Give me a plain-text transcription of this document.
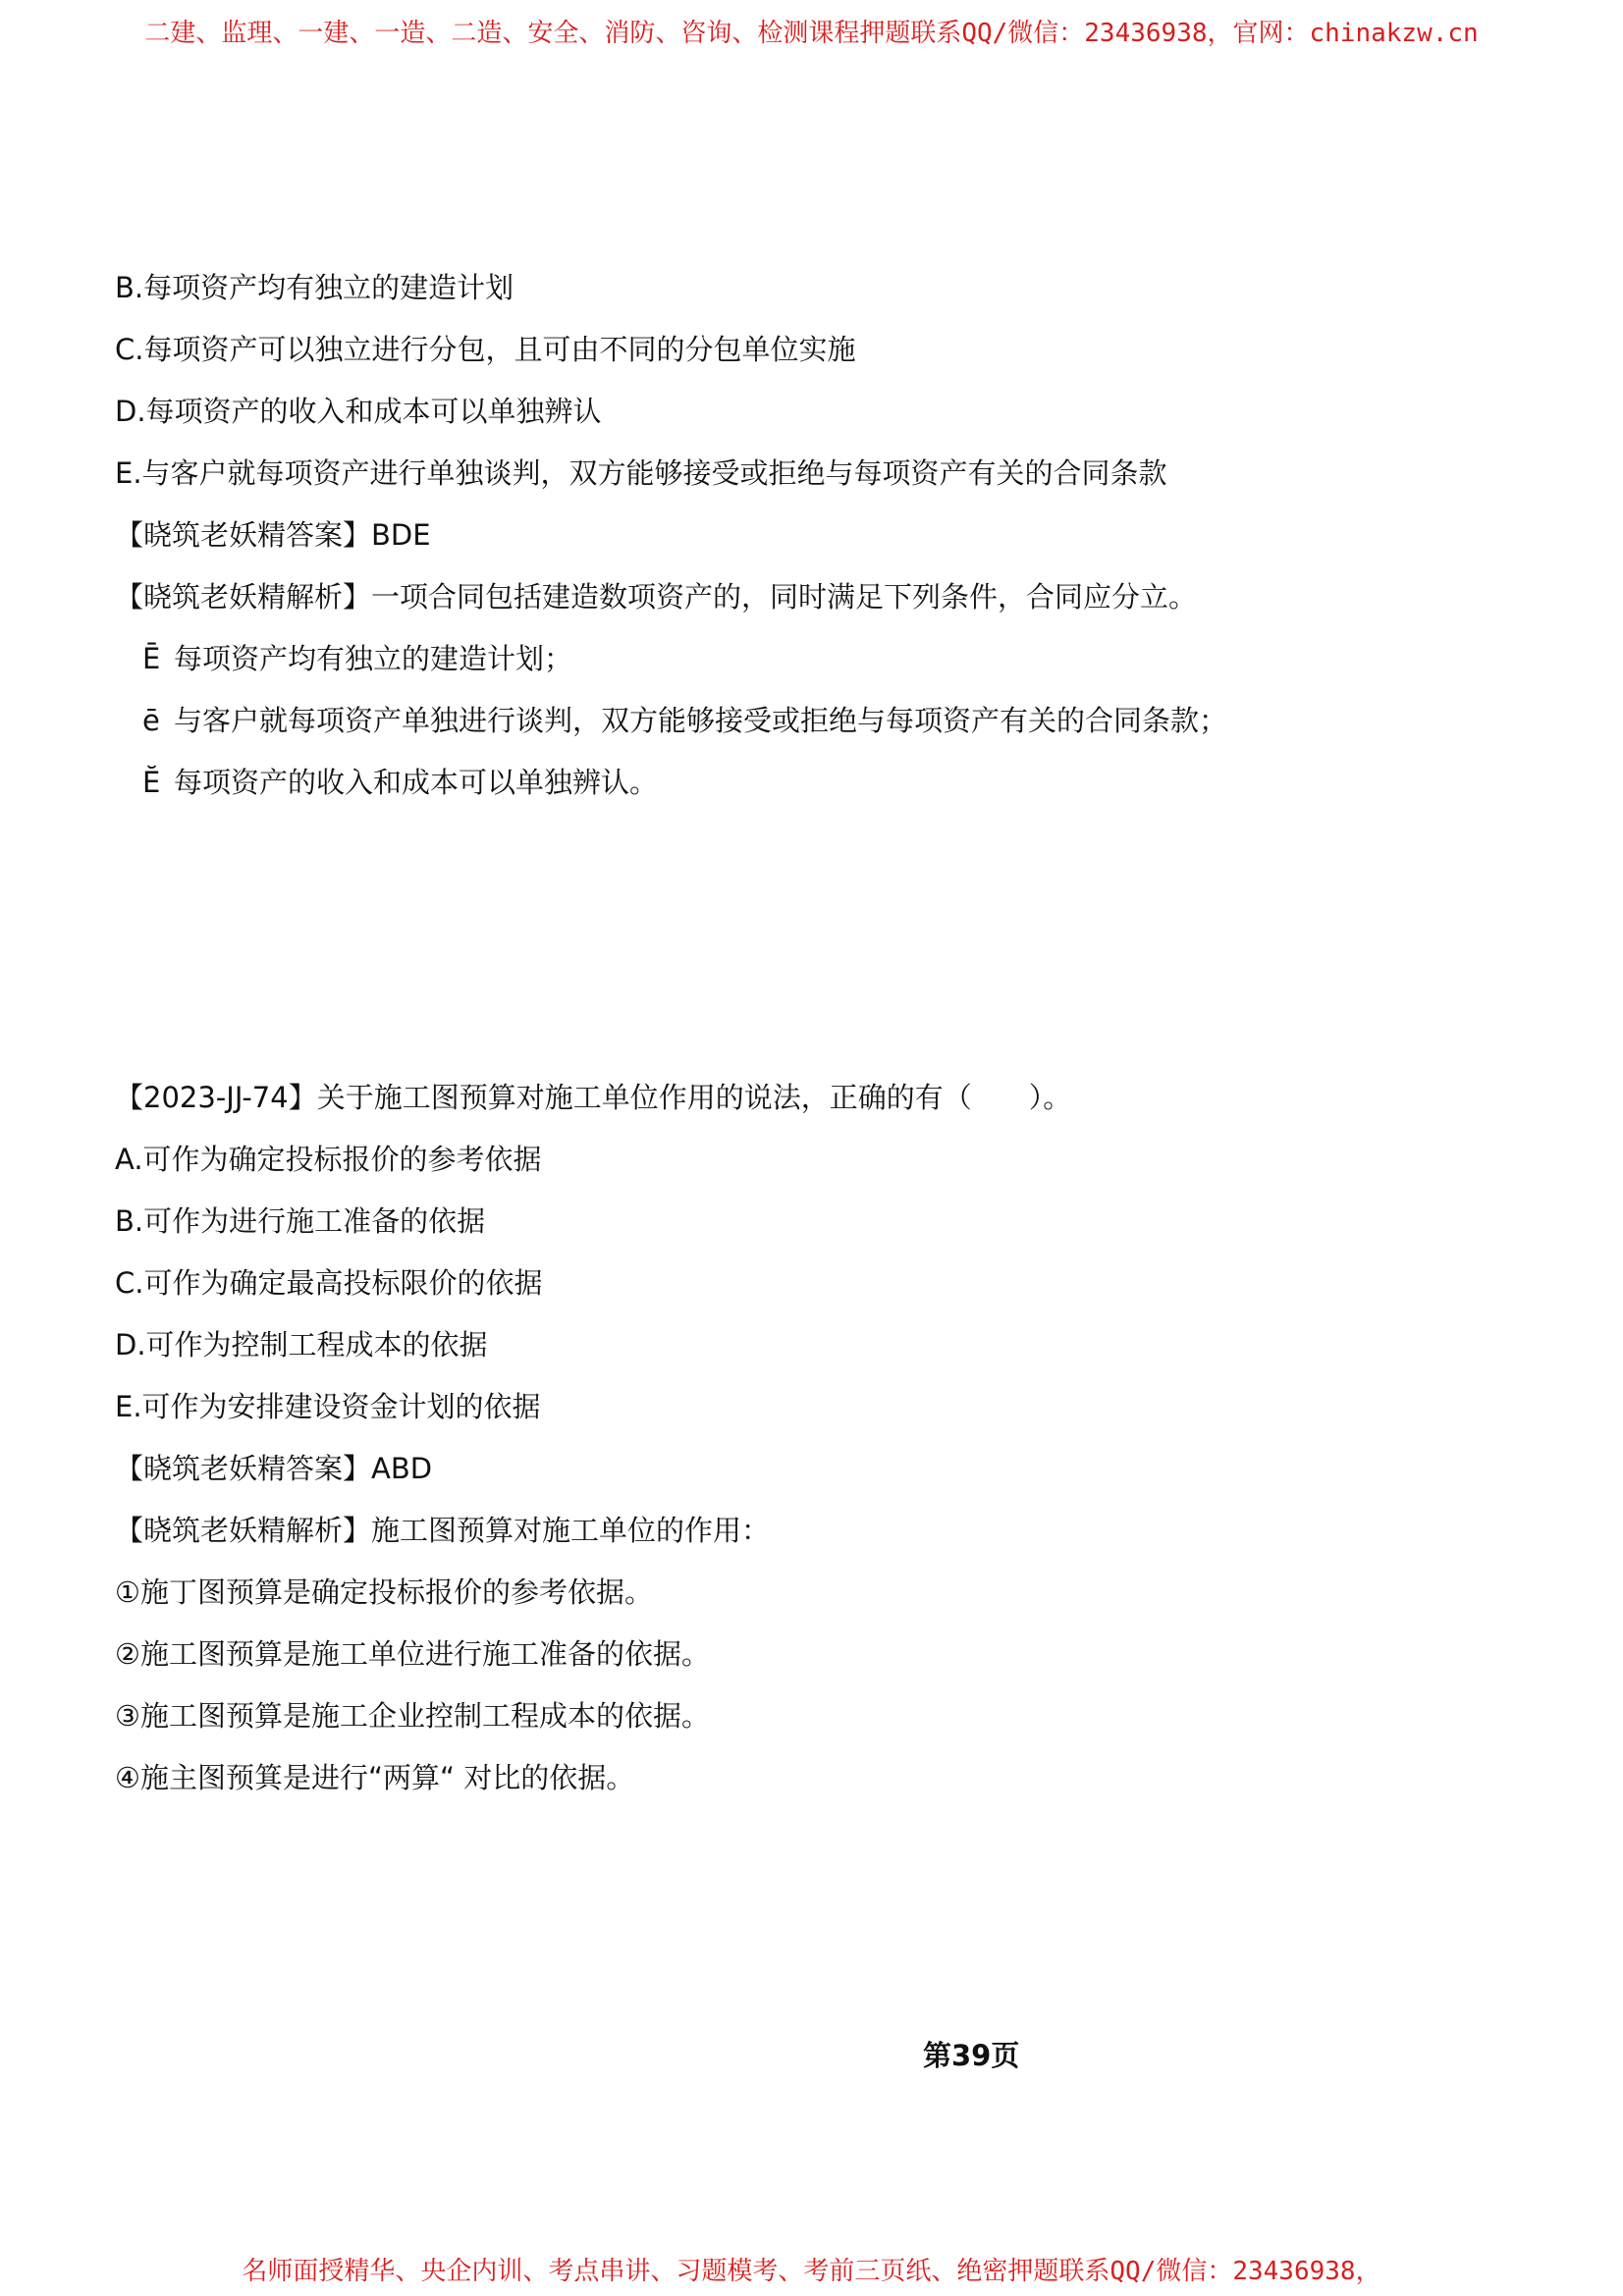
二建、监理、一建、一造、二造、安全、消防、咨询、检测课程押题联系QQ/微信：23436938，官网：chinakzw.cn
B.每项资产均有独立的建造计划
C.每项资产可以独立进行分包，且可由不同的分包单位实施
D.每项资产的收入和成本可以单独辨认
E.与客户就每项资产进行单独谈判，双方能够接受或拒绝与每项资产有关的合同条款
【晓筑老妖精答案】BDE
【晓筑老妖精解析】一项合同包括建造数项资产的，同时满足下列条件，合同应分立。
Ē 每项资产均有独立的建造计划；
ē 与客户就每项资产单独进行谈判，双方能够接受或拒绝与每项资产有关的合同条款；
Ĕ 每项资产的收入和成本可以单独辨认。
【2023-JJ-74】关于施工图预算对施工单位作用的说法，正确的有（　　）。
A.可作为确定投标报价的参考依据
B.可作为进行施工准备的依据
C.可作为确定最高投标限价的依据
D.可作为控制工程成本的依据
E.可作为安排建设资金计划的依据
【晓筑老妖精答案】ABD
【晓筑老妖精解析】施工图预算对施工单位的作用：
①施丁图预算是确定投标报价的参考依据。
②施工图预算是施工单位进行施工准备的依据。
③施工图预算是施工企业控制工程成本的依据。
④施主图预箕是进行“两算“ 对比的依据。
第39页
名师面授精华、央企内训、考点串讲、习题模考、考前三页纸、绝密押题联系QQ/微信：23436938，
